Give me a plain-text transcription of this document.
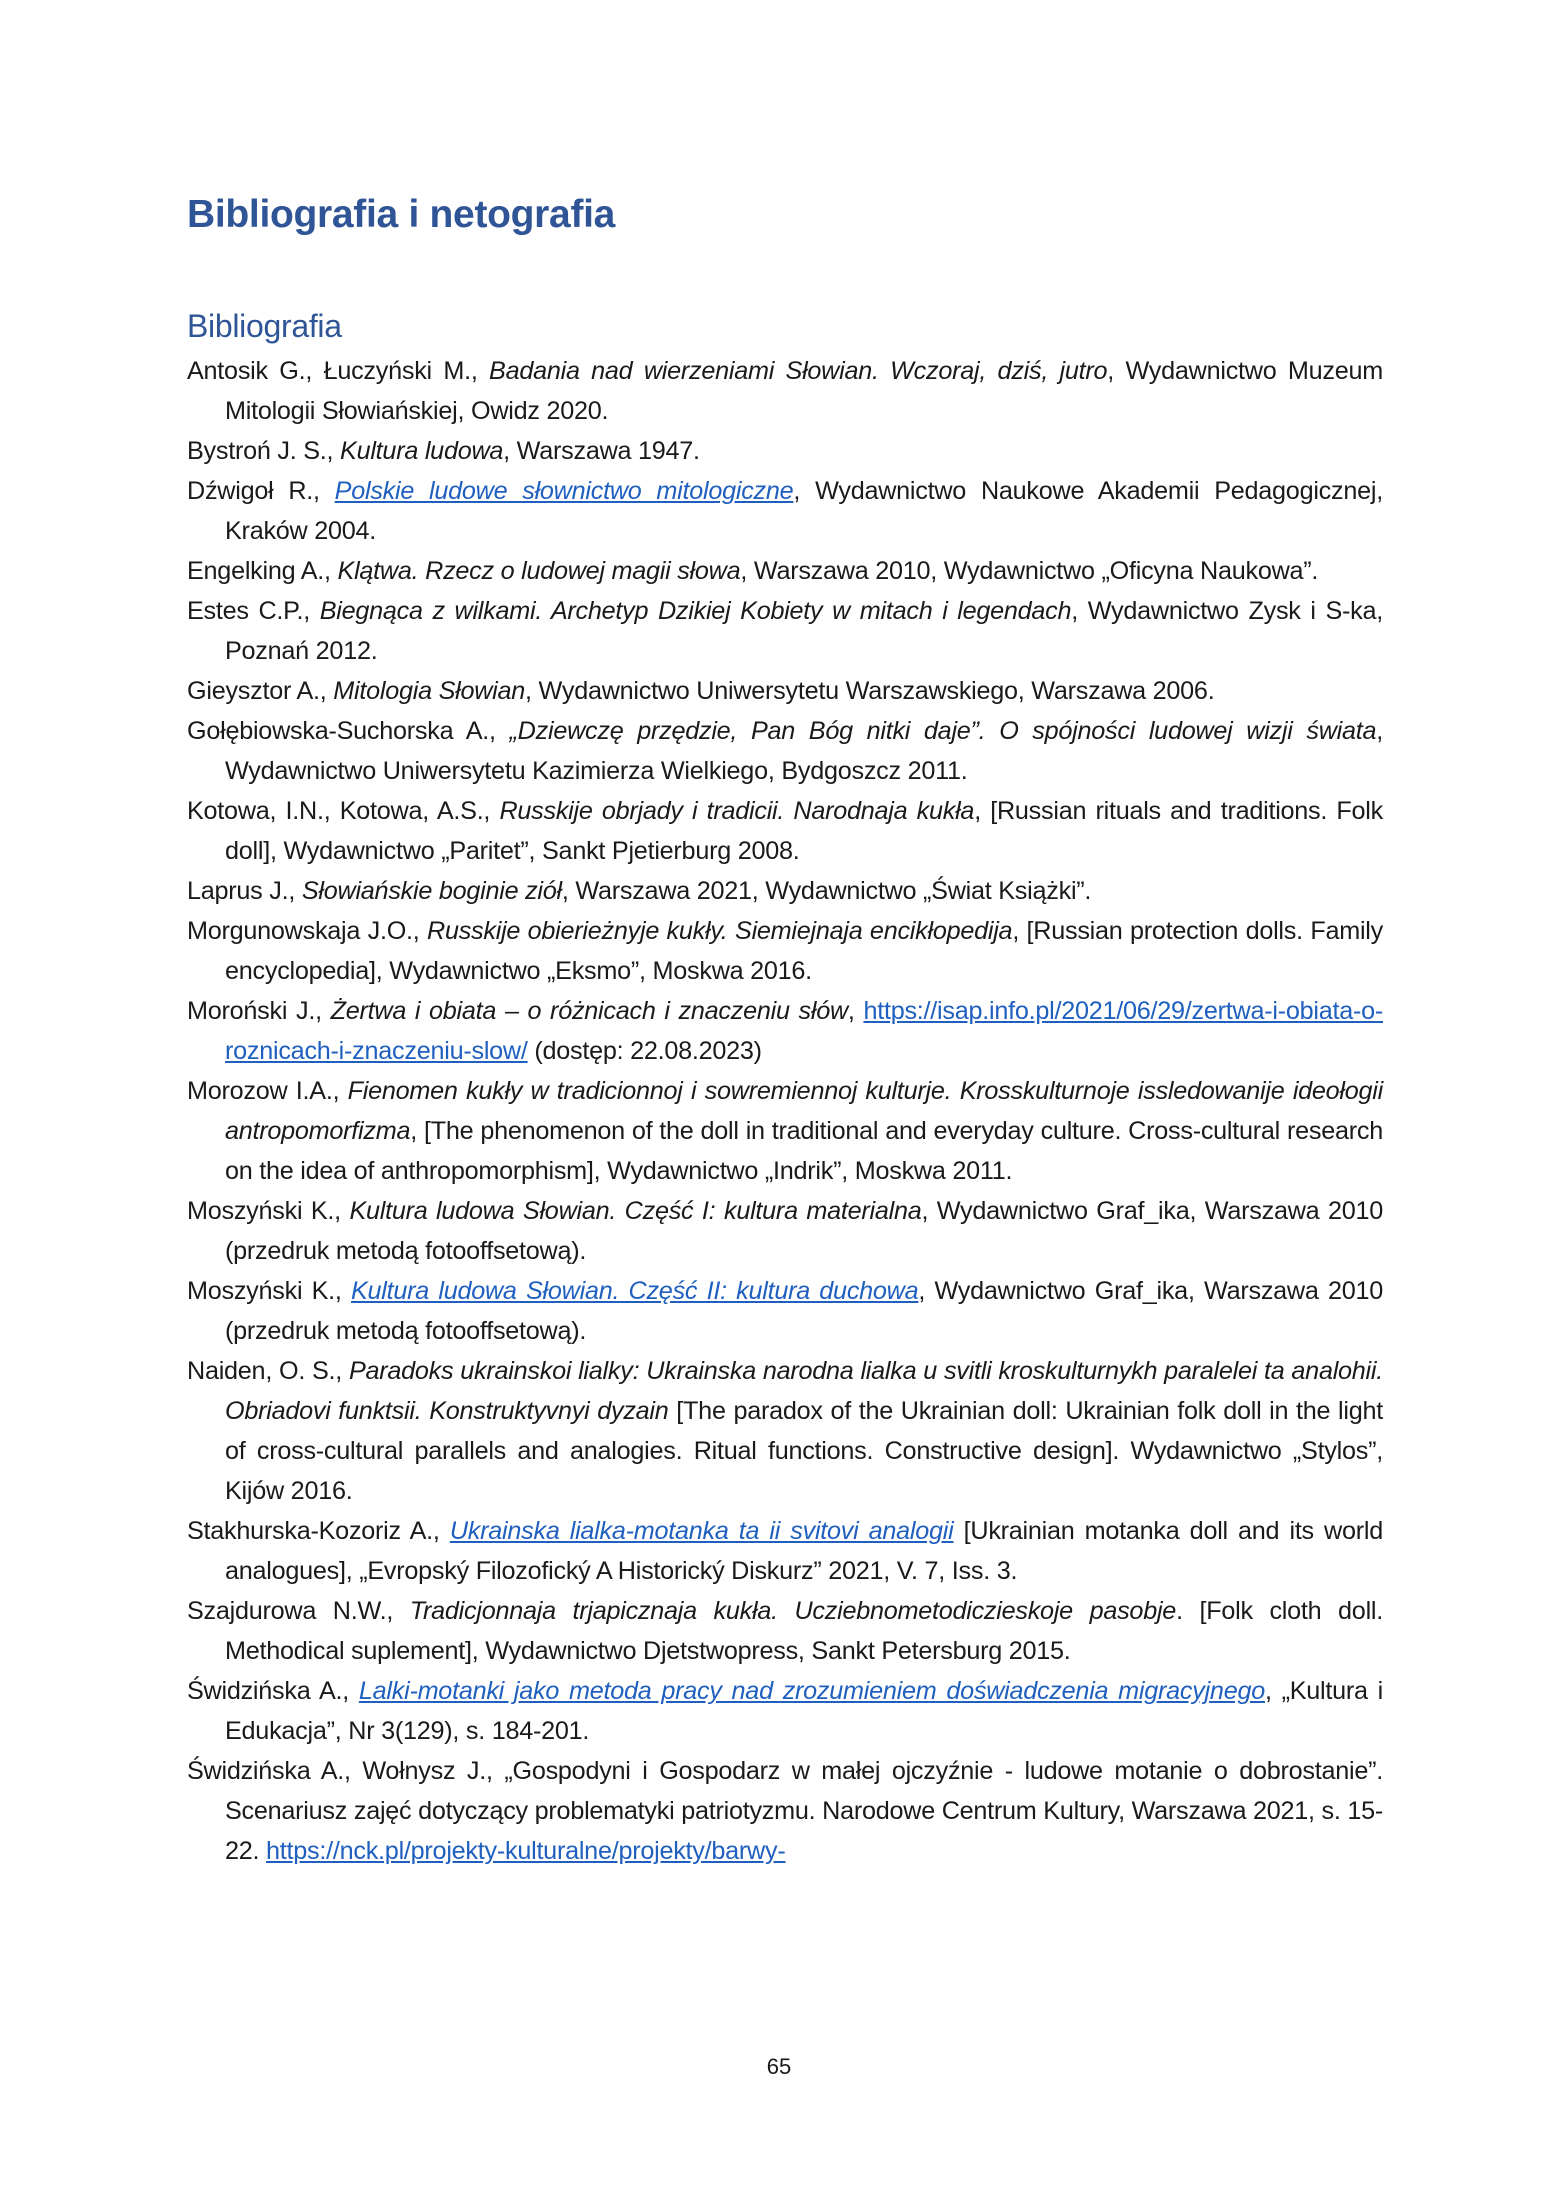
Bibliografia i netografia
Bibliografia
Antosik G., Łuczyński M., Badania nad wierzeniami Słowian. Wczoraj, dziś, jutro, Wydawnictwo Muzeum Mitologii Słowiańskiej, Owidz 2020.
Bystroń J. S., Kultura ludowa, Warszawa 1947.
Dźwigoł R., Polskie ludowe słownictwo mitologiczne, Wydawnictwo Naukowe Akademii Pedagogicznej, Kraków 2004.
Engelking A., Klątwa. Rzecz o ludowej magii słowa, Warszawa 2010, Wydawnictwo „Oficyna Naukowa”.
Estes C.P., Biegnąca z wilkami. Archetyp Dzikiej Kobiety w mitach i legendach, Wydawnictwo Zysk i S-ka, Poznań 2012.
Gieysztor A., Mitologia Słowian, Wydawnictwo Uniwersytetu Warszawskiego, Warszawa 2006.
Gołębiowska-Suchorska A., „Dziewczę przędzie, Pan Bóg nitki daje”. O spójności ludowej wizji świata, Wydawnictwo Uniwersytetu Kazimierza Wielkiego, Bydgoszcz 2011.
Kotowa, I.N., Kotowa, A.S., Russkije obrjady i tradicii. Narodnaja kukła, [Russian rituals and traditions. Folk doll], Wydawnictwo „Paritet”, Sankt Pjetierburg 2008.
Laprus J., Słowiańskie boginie ziół, Warszawa 2021, Wydawnictwo „Świat Książki”.
Morgunowskaja J.O., Russkije obierieżnyje kukły. Siemiejnaja encikłopedija, [Russian protection dolls. Family encyclopedia], Wydawnictwo „Eksmo”, Moskwa 2016.
Moroński J., Żertwa i obiata – o różnicach i znaczeniu słów, https://isap.info.pl/2021/06/29/zertwa-i-obiata-o-roznicach-i-znaczeniu-slow/ (dostęp: 22.08.2023)
Morozow I.A., Fienomen kukły w tradicionnoj i sowremiennoj kulturje. Krosskulturnoje issledowanije ideołogii antropomorfizma, [The phenomenon of the doll in traditional and everyday culture. Cross-cultural research on the idea of anthropomorphism], Wydawnictwo „Indrik”, Moskwa 2011.
Moszyński K., Kultura ludowa Słowian. Część I: kultura materialna, Wydawnictwo Graf_ika, Warszawa 2010 (przedruk metodą fotooffsetową).
Moszyński K., Kultura ludowa Słowian. Część II: kultura duchowa, Wydawnictwo Graf_ika, Warszawa 2010 (przedruk metodą fotooffsetową).
Naiden, O. S., Paradoks ukrainskoi lialky: Ukrainska narodna lialka u svitli kroskulturnykh paralelei ta analohii. Obriadovi funktsii. Konstruktyvnyi dyzain [The paradox of the Ukrainian doll: Ukrainian folk doll in the light of cross-cultural parallels and analogies. Ritual functions. Constructive design]. Wydawnictwo „Stylos”, Kijów 2016.
Stakhurska-Kozoriz A., Ukrainska lialka-motanka ta ii svitovi analogii [Ukrainian motanka doll and its world analogues], „Evropský Filozofický A Historický Diskurz” 2021, V. 7, Iss. 3.
Szajdurowa N.W., Tradicjonnaja trjapicznaja kukła. Ucziebnometodiczieskoje pasobje. [Folk cloth doll. Methodical suplement], Wydawnictwo Djetstwopress, Sankt Petersburg 2015.
Świdzińska A., Lalki-motanki jako metoda pracy nad zrozumieniem doświadczenia migracyjnego, „Kultura i Edukacja”, Nr 3(129), s. 184-201.
Świdzińska A., Wołnysz J., „Gospodyni i Gospodarz w małej ojczyźnie - ludowe motanie o dobrostanie”. Scenariusz zajęć dotyczący problematyki patriotyzmu. Narodowe Centrum Kultury, Warszawa 2021, s. 15-22. https://nck.pl/projekty-kulturalne/projekty/barwy-
65
